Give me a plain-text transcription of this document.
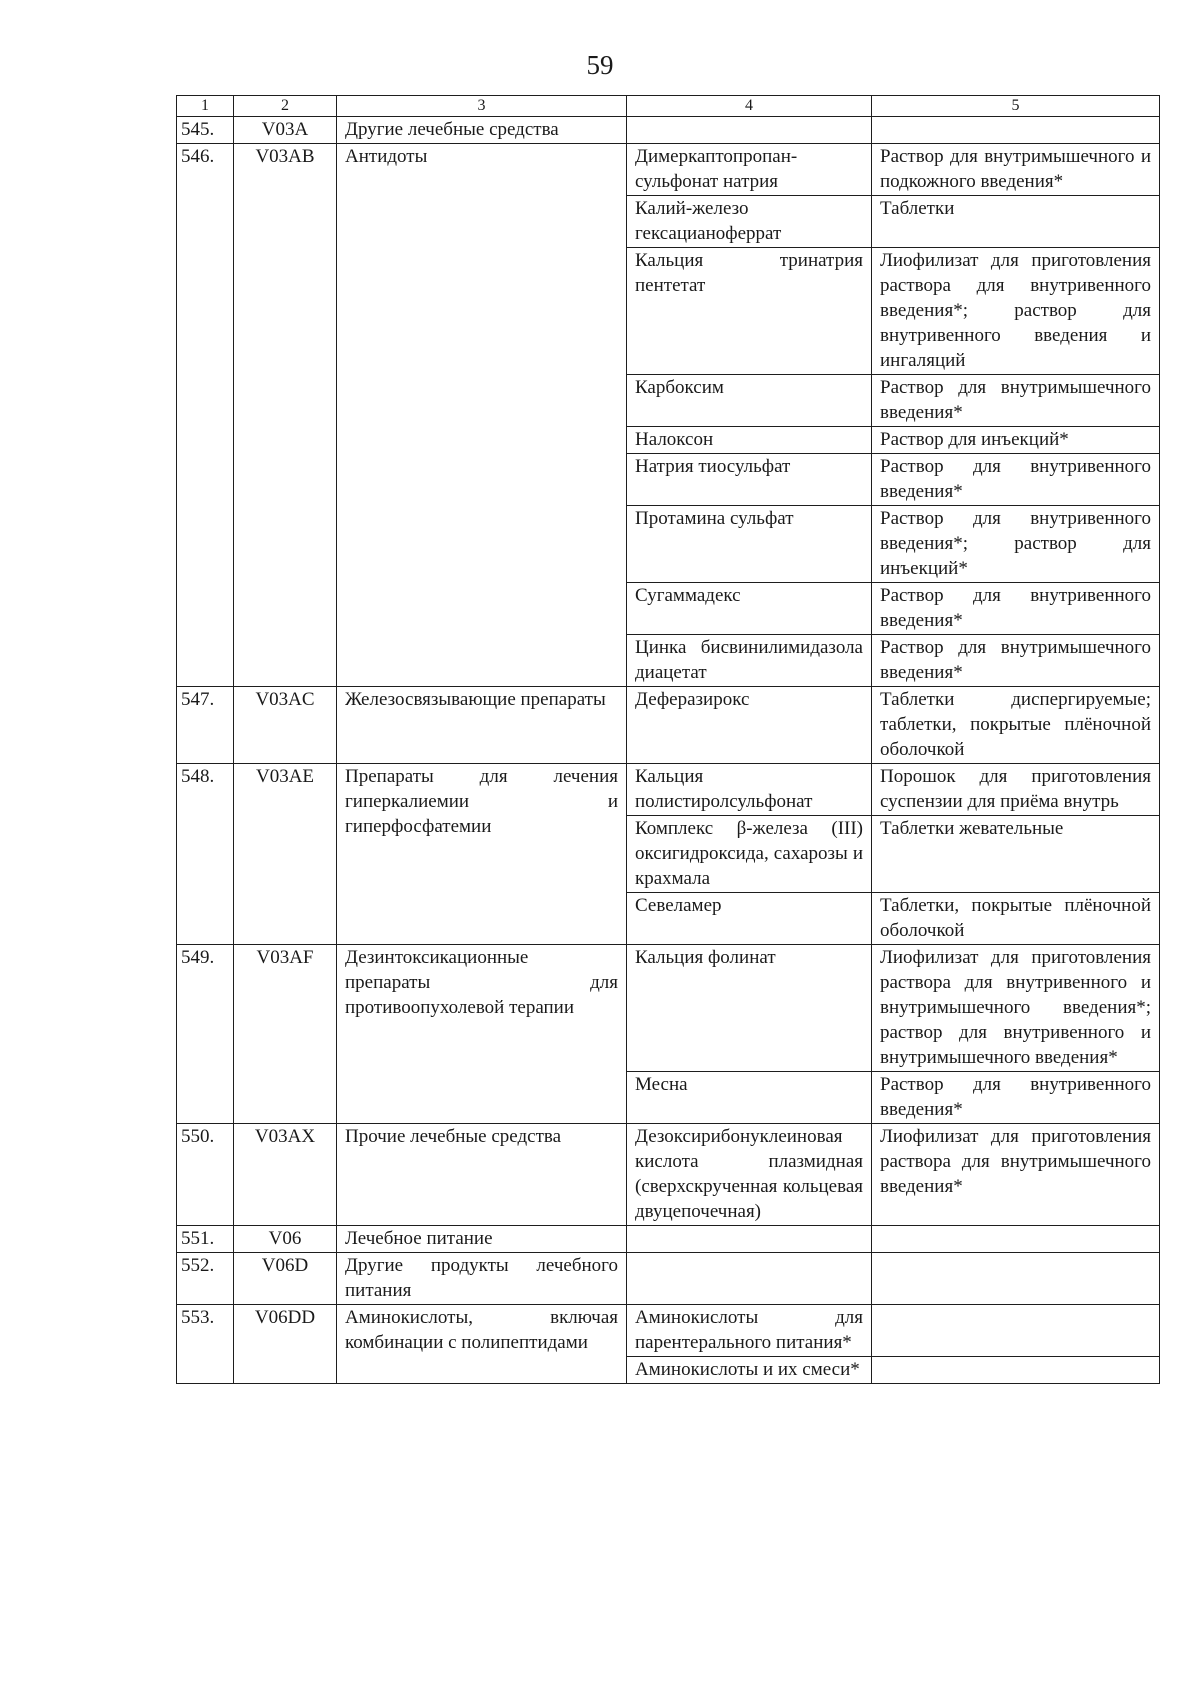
59
1	2	3	4	5
545.	V03A	Другие лечебные средства		
546.	V03AB	Антидоты	Димеркаптопропан-сульфонат натрия	Раствор для внутримышечного и подкожного введения*
			Калий-железо гексацианоферрат	Таблетки
			Кальция тринатрия пентетат	Лиофилизат для приготовления раствора для внутривенного введения*; раствор для внутривенного введения и ингаляций
			Карбоксим	Раствор для внутримышечного введения*
			Налоксон	Раствор для инъекций*
			Натрия тиосульфат	Раствор для внутривенного введения*
			Протамина сульфат	Раствор для внутривенного введения*; раствор для инъекций*
			Сугаммадекс	Раствор для внутривенного введения*
			Цинка бисвинилимидазола диацетат	Раствор для внутримышечного введения*
547.	V03AC	Железосвязывающие препараты	Деферазирокс	Таблетки диспергируемые; таблетки, покрытые плёночной оболочкой
548.	V03AE	Препараты для лечения гиперкалиемии и гиперфосфатемии	Кальция полистиролсульфонат	Порошок для приготовления суспензии для приёма внутрь
			Комплекс β-железа (III) оксигидроксида, сахарозы и крахмала	Таблетки жевательные
			Севеламер	Таблетки, покрытые плёночной оболочкой
549.	V03AF	Дезинтоксикационные препараты для противоопухолевой терапии	Кальция фолинат	Лиофилизат для приготовления раствора для внутривенного и внутримышечного введения*; раствор для внутривенного и внутримышечного введения*
			Месна	Раствор для внутривенного введения*
550.	V03AX	Прочие лечебные средства	Дезоксирибонуклеиновая кислота плазмидная (сверхскрученная кольцевая двуцепочечная)	Лиофилизат для приготовления раствора для внутримышечного введения*
551.	V06	Лечебное питание		
552.	V06D	Другие продукты лечебного питания		
553.	V06DD	Аминокислоты, включая комбинации с полипептидами	Аминокислоты для парентерального питания*	
			Аминокислоты и их смеси*	
